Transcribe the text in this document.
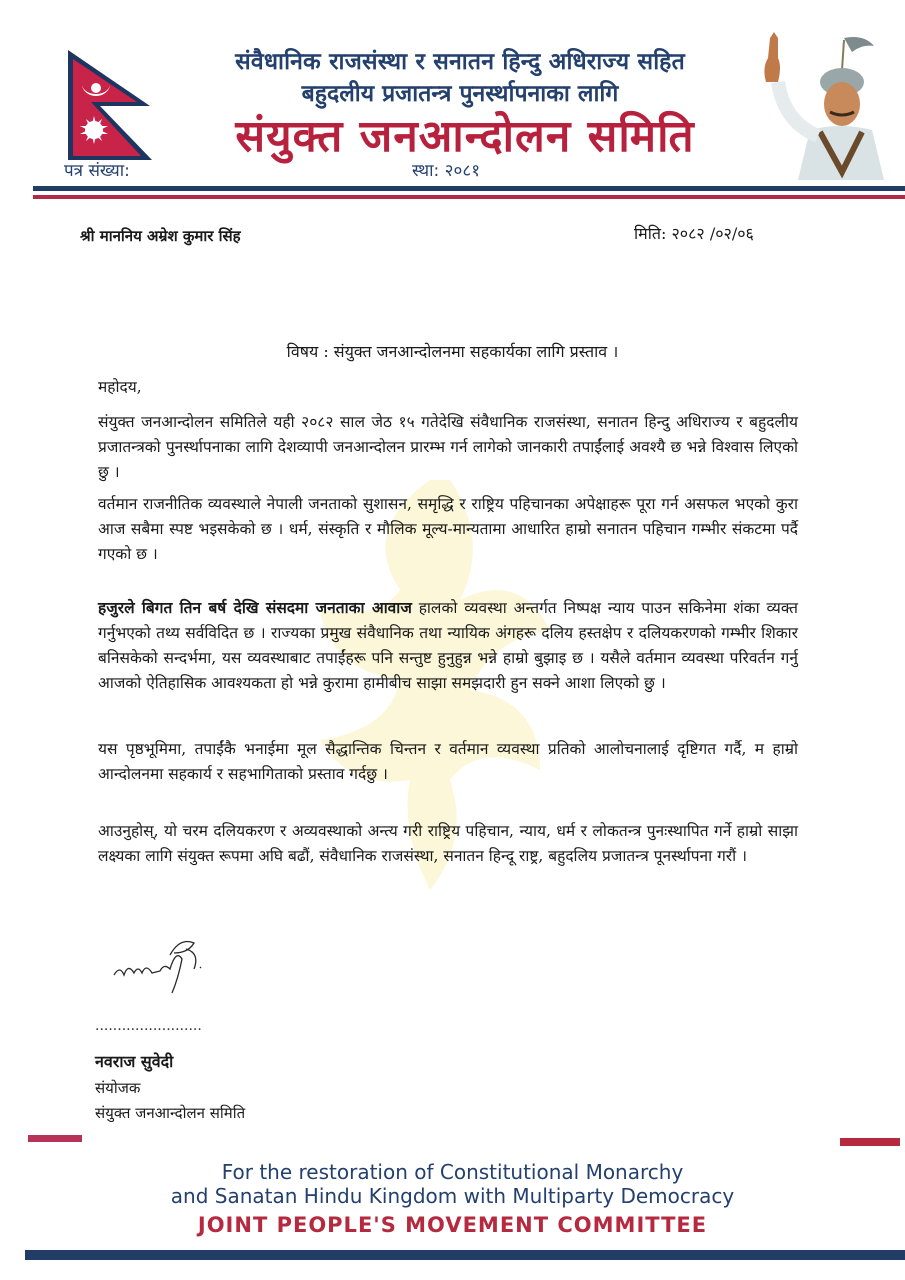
संवैधानिक राजसंस्था र सनातन हिन्दु अधिराज्य सहित
बहुदलीय प्रजातन्त्र पुनर्स्थापनाका लागि
संयुक्त जनआन्दोलन समिति
पत्र संख्या:	स्था: २०८१
श्री माननिय अम्रेश कुमार सिंह	मिति: २०८२ /०२/०६
विषय : संयुक्त जनआन्दोलनमा सहकार्यका लागि प्रस्ताव ।
महोदय,
संयुक्त जनआन्दोलन समितिले यही २०८२ साल जेठ १५ गतेदेखि संवैधानिक राजसंस्था, सनातन हिन्दु अधिराज्य र बहुदलीय प्रजातन्त्रको पुनर्स्थापनाका लागि देशव्यापी जनआन्दोलन प्रारम्भ गर्न लागेको जानकारी तपाईंलाई अवश्यै छ भन्ने विश्वास लिएको छु ।
वर्तमान राजनीतिक व्यवस्थाले नेपाली जनताको सुशासन, समृद्धि र राष्ट्रिय पहिचानका अपेक्षाहरू पूरा गर्न असफल भएको कुरा आज सबैमा स्पष्ट भइसकेको छ । धर्म, संस्कृति र मौलिक मूल्य-मान्यतामा आधारित हाम्रो सनातन पहिचान गम्भीर संकटमा पर्दै गएको छ ।
हजुरले बिगत तिन बर्ष देखि संसदमा जनताका आवाज हालको व्यवस्था अन्तर्गत निष्पक्ष न्याय पाउन सकिनेमा शंका व्यक्त गर्नुभएको तथ्य सर्वविदित छ । राज्यका प्रमुख संवैधानिक तथा न्यायिक अंगहरू दलिय हस्तक्षेप र दलियकरणको गम्भीर शिकार बनिसकेको सन्दर्भमा, यस व्यवस्थाबाट तपाईंहरू पनि सन्तुष्ट हुनुहुन्न भन्ने हाम्रो बुझाइ छ । यसैले वर्तमान व्यवस्था परिवर्तन गर्नु आजको ऐतिहासिक आवश्यकता हो भन्ने कुरामा हामीबीच साझा समझदारी हुन सक्ने आशा लिएको छु ।
यस पृष्ठभूमिमा, तपाईंकै भनाईमा मूल सैद्धान्तिक चिन्तन र वर्तमान व्यवस्था प्रतिको आलोचनालाई दृष्टिगत गर्दै, म हाम्रो आन्दोलनमा सहकार्य र सहभागिताको प्रस्ताव गर्दछु ।
आउनुहोस्, यो चरम दलियकरण र अव्यवस्थाको अन्त्य गरी राष्ट्रिय पहिचान, न्याय, धर्म र लोकतन्त्र पुनःस्थापित गर्ने हाम्रो साझा लक्ष्यका लागि संयुक्त रूपमा अघि बढौं, संवैधानिक राजसंस्था, सनातन हिन्दू राष्ट्र, बहुदलिय प्रजातन्त्र पूनर्स्थापना गरौं ।
........................
नवराज सुवेदी
संयोजक
संयुक्त जनआन्दोलन समिति
For the restoration of Constitutional Monarchy
and Sanatan Hindu Kingdom with Multiparty Democracy
JOINT PEOPLE'S MOVEMENT COMMITTEE
